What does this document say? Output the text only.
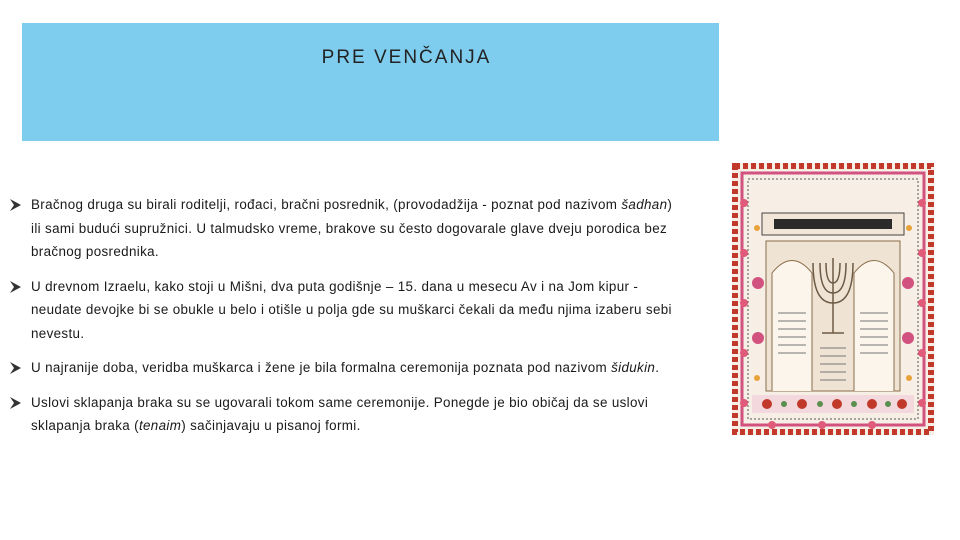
PRE VENČANJA
Bračnog druga su birali roditelji, rođaci, bračni posrednik, (provodadžija - poznat pod nazivom šadhan) ili sami budući supružnici. U talmudsko vreme, brakove su često dogovarale glave dveju porodica bez bračnog posrednika.
U drevnom Izraelu, kako stoji u Mišni, dva puta godišnje – 15. dana u mesecu Av i na Jom kipur - neudate devojke bi se obukle u belo i otišle u polja gde su muškarci čekali da među njima izaberu sebi nevestu.
U najranije doba, veridba muškarca i žene je bila formalna ceremonija poznata pod nazivom šidukin.
Uslovi sklapanja braka su se ugovarali tokom same ceremonije. Ponegde je bio običaj da se uslovi sklapanja braka (tenaim) sačinjavaju u pisanoj formi.
